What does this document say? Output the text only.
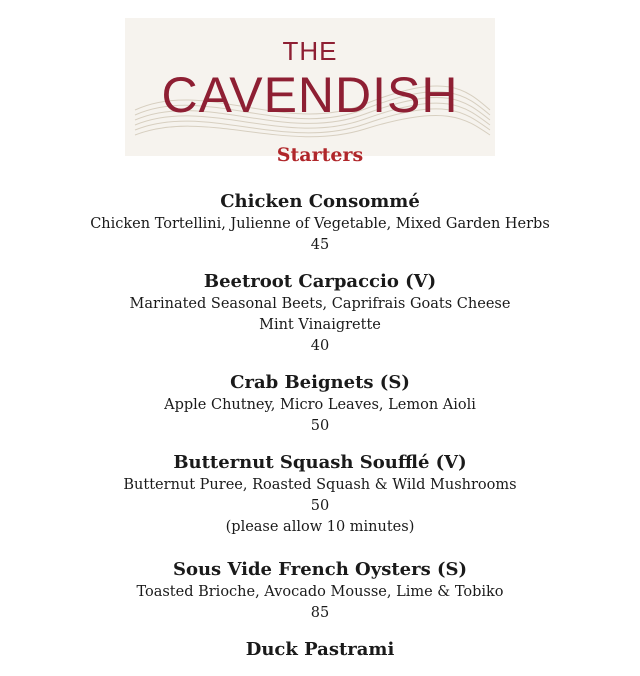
THE
CAVENDISH
Starters
Chicken Consommé
Chicken Tortellini, Julienne of Vegetable, Mixed Garden Herbs
45
Beetroot Carpaccio (V)
Marinated Seasonal Beets, Caprifrais Goats Cheese
Mint Vinaigrette
40
Crab Beignets (S)
Apple Chutney, Micro Leaves, Lemon Aioli
50
Butternut Squash Soufflé (V)
Butternut Puree, Roasted Squash & Wild Mushrooms
50
(please allow 10 minutes)
Sous Vide French Oysters (S)
Toasted Brioche, Avocado Mousse, Lime & Tobiko
85
Duck Pastrami
